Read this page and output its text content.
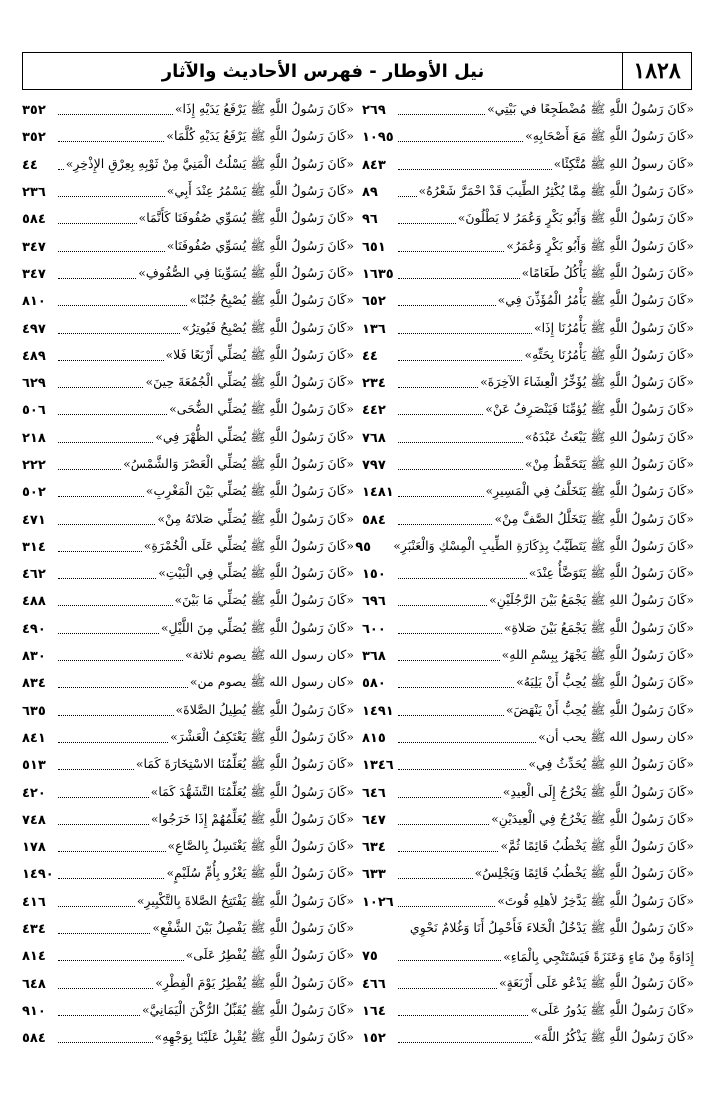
١٨٢٨
نيل الأوطار - فهرس الأحاديث والآثار
«كَانَ رَسُولُ اللَّهِ ﷺ مُضْطَجِعًا في بَيْتِي»
٢٦٩
«كَانَ رَسُولُ اللَّهِ ﷺ مَعَ أَصْحَابِهِ»
١٠٩٥
«كَانَ رسولُ اللهِ ﷺ مُتَّكِئًا»
٨٤٣
«كَانَ رَسُولُ اللَّهِ ﷺ مِمَّا يُكْثِرُ الطِّيبَ قَدْ احْمَرَّ شَعْرُهُ»
٨٩
«كَانَ رَسُولُ اللَّهِ ﷺ وَأَبُو بَكْرٍ وَعُمَرُ لا يَطْلُونَ»
٩٦
«كَانَ رَسُولُ اللَّهِ ﷺ وَأَبُو بَكْرٍ وَعُمَرُ»
٦٥١
«كَانَ رَسُولُ اللَّهِ ﷺ يَأْكُلُ طَعَامًا»
١٦٣٥
«كَانَ رَسُولُ اللَّهِ ﷺ يَأْمُرُ الْمُؤَذِّنَ فِي»
٦٥٢
«كَانَ رَسُولُ اللَّهِ ﷺ يَأْمُرُنَا إِذَا»
١٣٦
«كَانَ رَسُولُ اللَّهِ ﷺ يَأْمُرُنَا بِحَتِّهِ»
٤٤
«كَانَ رَسُولُ اللَّهِ ﷺ يُؤَخِّرُ الْعِشَاءَ الآخِرَةَ»
٢٣٤
«كَانَ رَسُولُ اللَّهِ ﷺ يُؤمِّنَا فَيَنْصَرِفُ عَنْ»
٤٤٢
«كَانَ رَسُولُ اللهِ ﷺ يَبْعَثُ عَبْدَهُ»
٧٦٨
«كَانَ رَسُولُ اللهِ ﷺ يَتَحَفَّظُ مِنْ»
٧٩٧
«كَانَ رَسُولُ اللَّهِ ﷺ يَتَخَلَّفُ فِي الْمَسِيرِ»
١٤٨١
«كَانَ رَسُولُ اللَّهِ ﷺ يَتَخَلَّلُ الصَّفَّ مِنْ»
٥٨٤
«كَانَ رَسُولُ اللَّهِ ﷺ يَتَطَيَّبُ بِذِكَارَةِ الطِّيبِ الْمِسْكِ وَالْعَنْبَرِ»
٩٥
«كَانَ رَسُولُ اللَّهِ ﷺ يَتَوَضَّأُ عِنْدَ»
١٥٠
«كَانَ رَسُولُ اللهِ ﷺ يَجْمَعُ بَيْنَ الرَّجُلَيْنِ»
٦٩٦
«كَانَ رَسُولُ اللَّهِ ﷺ يَجْمَعُ بَيْنَ صَلاةِ»
٦٠٠
«كَانَ رَسُولُ اللَّهِ ﷺ يَجْهَرُ بِبِسْمِ اللهِ»
٣٦٨
«كَانَ رَسُولُ اللَّهِ ﷺ يُحِبُّ أَنْ يَلِيَهُ»
٥٨٠
«كَانَ رَسُولُ اللَّهِ ﷺ يُحِبُّ أَنْ يَنْهَضَ»
١٤٩١
«كان رسول الله ﷺ يحب أن»
٨١٥
«كَانَ رَسُولُ اللهِ ﷺ يُحَدِّثُ فِي»
١٣٤٦
«كَانَ رَسُولُ اللَّهِ ﷺ يَخْرُجُ إِلَى الْعِيدِ»
٦٤٦
«كَانَ رَسُولُ اللَّهِ ﷺ يَخْرُجُ فِي الْعِيدَيْنِ»
٦٤٧
«كَانَ رَسُولُ اللَّهِ ﷺ يَخْطُبُ قَائِمًا ثُمَّ»
٦٣٤
«كَانَ رَسُولُ اللَّهِ ﷺ يَخْطُبُ قَائِمًا وَيَجْلِسُ»
٦٣٣
«كَانَ رَسُولُ اللَّهِ ﷺ يَدَّخِرُ لأهلِهِ قُوتَ»
١٠٢٦
«كَانَ رَسُولُ اللَّهِ ﷺ يَدْخُلُ الْخَلاءَ فَأَحْمِلُ أَنَا وَغُلامٌ نَحْوِي
إِدَاوَةً مِنْ مَاءٍ وَعَنَزَةً فَيَسْتَنْجِي بِالْمَاءِ»
٧٥
«كَانَ رَسُولُ اللَّهِ ﷺ يَدْعُو عَلَى أَرْبَعَةٍ»
٤٦٦
«كَانَ رَسُولُ اللَّهِ ﷺ يَدُورُ عَلَى»
١٦٤
«كَانَ رَسُولُ اللَّهِ ﷺ يَذْكُرُ اللَّهَ»
١٥٢
«كَانَ رَسُولُ اللَّهِ ﷺ يَرْفَعُ يَدَيْهِ إِذَا»
٣٥٢
«كَانَ رَسُولُ اللَّهِ ﷺ يَرْفَعُ يَدَيْهِ كُلَّمَا»
٣٥٢
«كَانَ رَسُولُ اللَّهِ ﷺ يَسْلُتُ الْمَنِيَّ مِنْ ثَوْبِهِ بِعِرْقِ الإِذْخِرِ»
٤٤
«كَانَ رَسُولُ اللَّهِ ﷺ يَسْمُرُ عِنْدَ أَبِي»
٢٣٦
«كَانَ رَسُولُ اللَّهِ ﷺ يُسَوِّي صُفُوفَنَا كَأَنَّمَا»
٥٨٤
«كَانَ رَسُولُ اللَّهِ ﷺ يُسَوِّي صُفُوفَنَا»
٣٤٧
«كَانَ رَسُولُ اللَّهِ ﷺ يُسَوِّينَا فِي الصُّفُوفِ»
٣٤٧
«كَانَ رَسُولُ اللَّهِ ﷺ يُصْبِحُ جُنُبًا»
٨١٠
«كَانَ رَسُولُ اللَّهِ ﷺ يُصْبِحُ فَيُوتِرُ»
٤٩٧
«كَانَ رَسُولُ اللَّهِ ﷺ يُصَلِّي أَرْبَعًا فَلا»
٤٨٩
«كَانَ رَسُولُ اللَّهِ ﷺ يُصَلِّي الْجُمُعَةَ حِينَ»
٦٢٩
«كَانَ رَسُولُ اللَّهِ ﷺ يُصَلِّي الضُّحَى»
٥٠٦
«كَانَ رَسُولُ اللَّهِ ﷺ يُصَلِّي الظُّهْرَ فِي»
٢١٨
«كَانَ رَسُولُ اللَّهِ ﷺ يُصَلِّي الْعَصْرَ وَالشَّمْسُ»
٢٢٢
«كَانَ رَسُولُ اللَّهِ ﷺ يُصَلِّي بَيْنَ الْمَغْرِبِ»
٥٠٢
«كَانَ رَسُولُ اللَّهِ ﷺ يُصَلِّي صَلاتَهُ مِنْ»
٤٧١
«كَانَ رَسُولُ اللَّهِ ﷺ يُصَلِّي عَلَى الْخُمْرَةِ»
٣١٤
«كَانَ رَسُولُ اللَّهِ ﷺ يُصَلِّي فِي الْبَيْتِ»
٤٦٢
«كَانَ رَسُولُ اللَّهِ ﷺ يُصَلِّي مَا بَيْنَ»
٤٨٨
«كَانَ رَسُولُ اللَّهِ ﷺ يُصَلِّي مِنَ اللَّيْلِ»
٤٩٠
«كان رسول الله ﷺ يصوم ثلاثة»
٨٣٠
«كان رسول الله ﷺ يصوم من»
٨٣٤
«كَانَ رَسُولُ اللَّهِ ﷺ يُطِيلُ الصَّلاةَ»
٦٣٥
«كَانَ رَسُولُ اللَّهِ ﷺ يَعْتَكِفُ الْعَشْرَ»
٨٤١
«كَانَ رَسُولُ اللَّهِ ﷺ يُعَلِّمُنَا الاسْتِخَارَةَ كَمَا»
٥١٣
«كَانَ رَسُولُ اللَّهِ ﷺ يُعَلِّمُنَا التَّشَهُّدَ كَمَا»
٤٢٠
«كَانَ رَسُولُ اللَّهِ ﷺ يُعَلِّمُهُمْ إِذَا خَرَجُوا»
٧٤٨
«كَانَ رَسُولُ اللَّهِ ﷺ يَغْتَسِلُ بِالصَّاعِ»
١٧٨
«كَانَ رَسُولُ اللَّهِ ﷺ يَغْزُو بِأُمِّ سُلَيْمٍ»
١٤٩٠
«كَانَ رَسُولُ اللَّهِ ﷺ يَفْتَتِحُ الصَّلاةَ بِالتَّكْبِيرِ»
٤١٦
«كَانَ رَسُولُ اللَّهِ ﷺ يَفْصِلُ بَيْنَ الشَّفْعِ»
٤٣٤
«كَانَ رَسُولُ اللَّهِ ﷺ يُفْطِرُ عَلَى»
٨١٤
«كَانَ رَسُولُ اللَّهِ ﷺ يُفْطِرُ يَوْمَ الْفِطْرِ»
٦٤٨
«كَانَ رَسُولُ اللَّهِ ﷺ يُقَبِّلُ الرُّكْنَ الْيَمَانِيَّ»
٩١٠
«كَانَ رَسُولُ اللَّهِ ﷺ يُقْبِلُ عَلَيْنَا بِوَجْهِهِ»
٥٨٤
